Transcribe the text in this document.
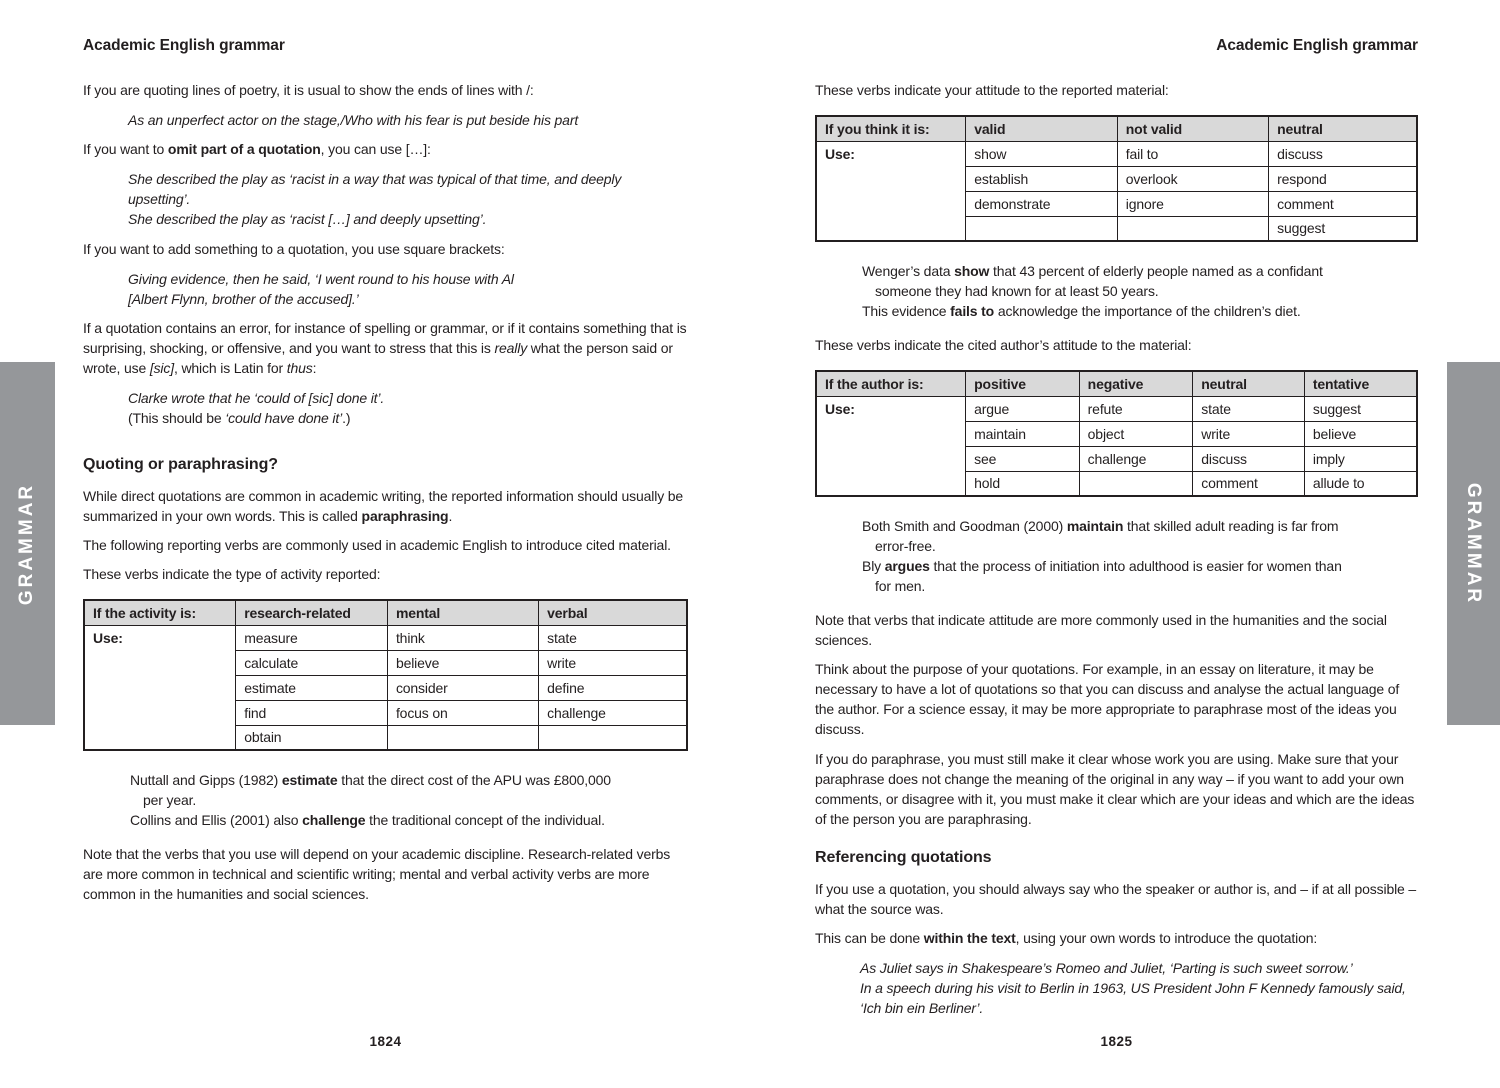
Academic English grammar

If you are quoting lines of poetry, it is usual to show the ends of lines with /:

As an unperfect actor on the stage,/Who with his fear is put beside his part

If you want to omit part of a quotation, you can use […]:

She described the play as ‘racist in a way that was typical of that time, and deeply
upsetting’.
She described the play as ‘racist […] and deeply upsetting’.

If you want to add something to a quotation, you use square brackets:

Giving evidence, then he said, ‘I went round to his house with Al
[Albert Flynn, brother of the accused].’

If a quotation contains an error, for instance of spelling or grammar, or if it contains something that is surprising, shocking, or offensive, and you want to stress that this is really what the person said or wrote, use [sic], which is Latin for thus:

Clarke wrote that he ‘could of [sic] done it’.
(This should be ‘could have done it’.)
Quoting or paraphrasing?

While direct quotations are common in academic writing, the reported information should usually be summarized in your own words. This is called paraphrasing.

The following reporting verbs are commonly used in academic English to introduce cited material.

These verbs indicate the type of activity reported:

If the activity is:	research-related	mental	verbal
Use:	measure	think	state
	calculate	believe	write
	estimate	consider	define
	find	focus on	challenge
	obtain		
Nuttall and Gipps (1982) estimate that the direct cost of the APU was £800,000
per year.
Collins and Ellis (2001) also challenge the traditional concept of the individual.

Note that the verbs that you use will depend on your academic discipline. Research-related verbs are more common in technical and scientific writing; mental and verbal activity verbs are more common in the humanities and social sciences.

1824
Academic English grammar

These verbs indicate your attitude to the reported material:

If you think it is:	valid	not valid	neutral
Use:	show	fail to	discuss
	establish	overlook	respond
	demonstrate	ignore	comment
			suggest
Wenger’s data show that 43 percent of elderly people named as a confidant
someone they had known for at least 50 years.
This evidence fails to acknowledge the importance of the children’s diet.

These verbs indicate the cited author’s attitude to the material:

If the author is:	positive	negative	neutral	tentative
Use:	argue	refute	state	suggest
	maintain	object	write	believe
	see	challenge	discuss	imply
	hold		comment	allude to
Both Smith and Goodman (2000) maintain that skilled adult reading is far from
error-free.
Bly argues that the process of initiation into adulthood is easier for women than
for men.

Note that verbs that indicate attitude are more commonly used in the humanities and the social sciences.

Think about the purpose of your quotations. For example, in an essay on literature, it may be necessary to have a lot of quotations so that you can discuss and analyse the actual language of the author. For a science essay, it may be more appropriate to paraphrase most of the ideas you discuss.

If you do paraphrase, you must still make it clear whose work you are using. Make sure that your paraphrase does not change the meaning of the original in any way – if you want to add your own comments, or disagree with it, you must make it clear which are your ideas and which are the ideas of the person you are paraphrasing.

Referencing quotations

If you use a quotation, you should always say who the speaker or author is, and – if at all possible – what the source was.

This can be done within the text, using your own words to introduce the quotation:

As Juliet says in Shakespeare’s Romeo and Juliet, ‘Parting is such sweet sorrow.’
In a speech during his visit to Berlin in 1963, US President John F Kennedy famously said,
‘Ich bin ein Berliner’.
1825
GRAMMAR	GRAMMAR
